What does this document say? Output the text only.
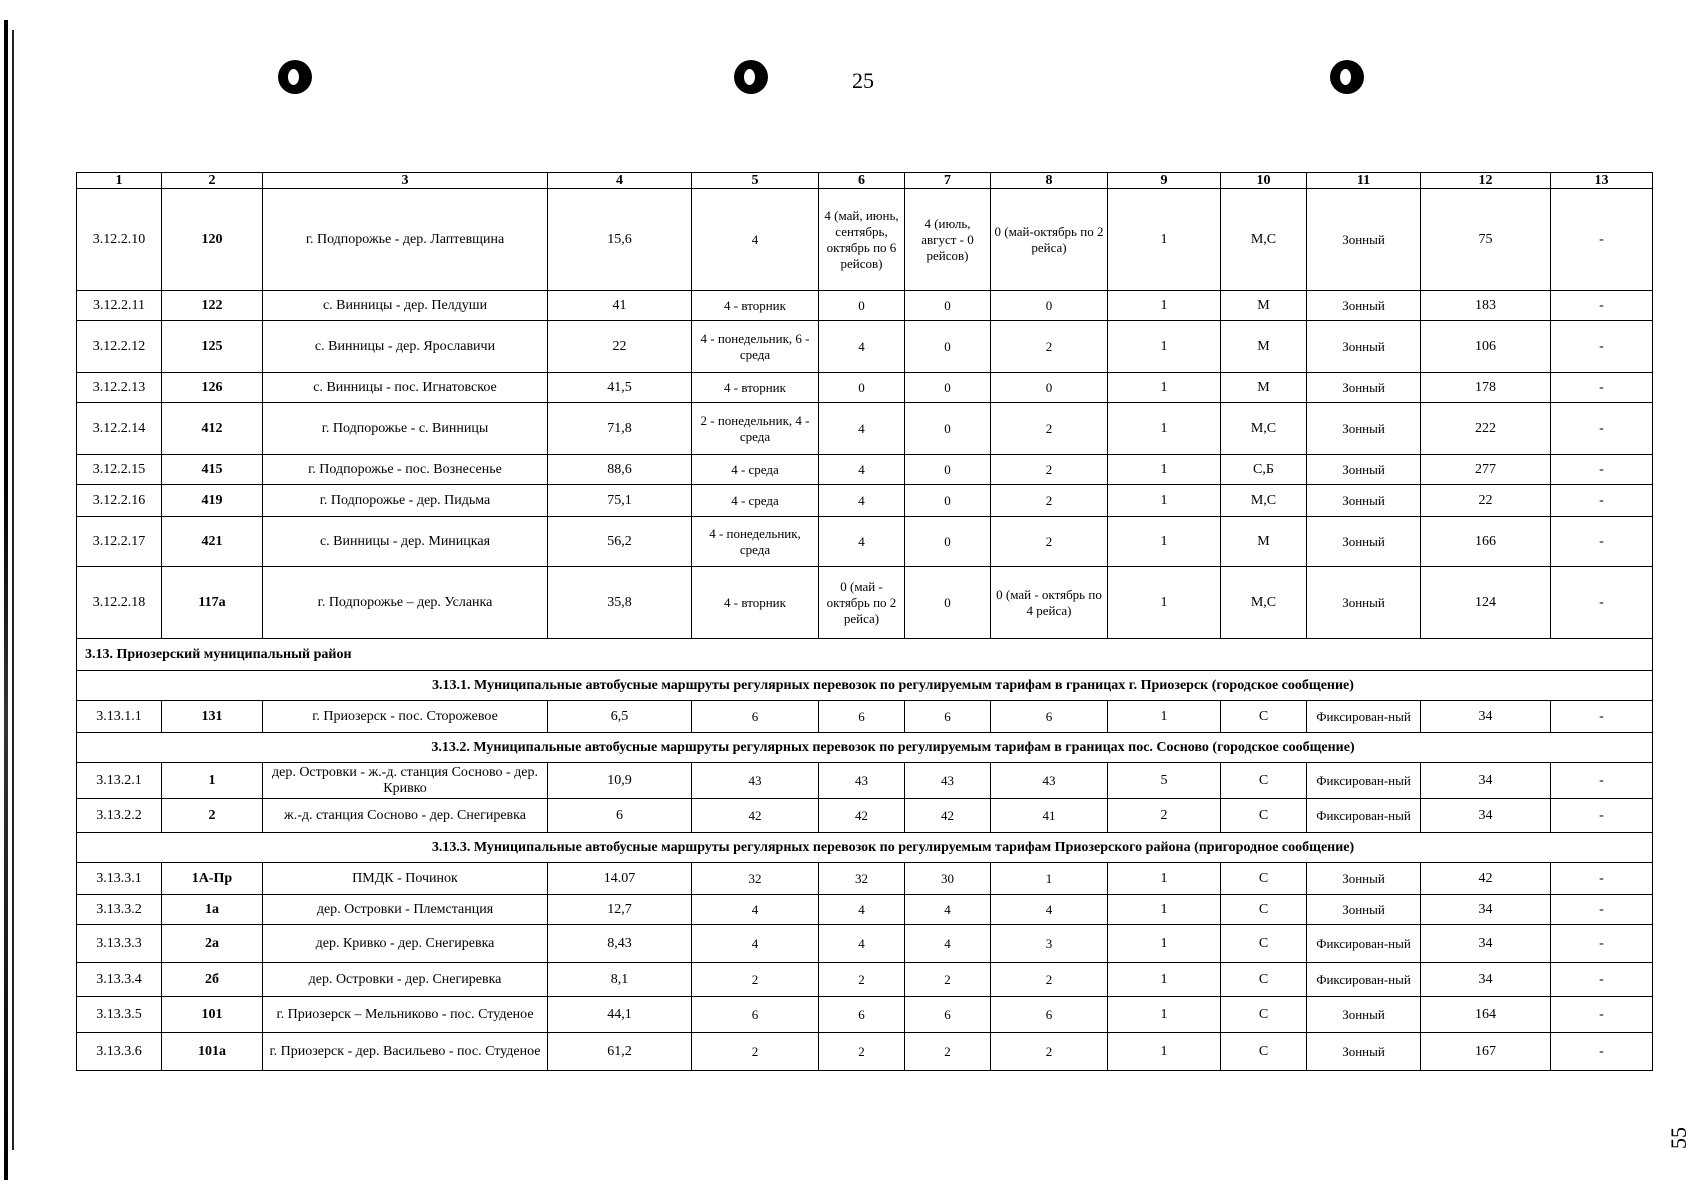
25
55
1	2	3	4	5	6	7	8	9	10	11	12	13
3.12.2.10	120	г. Подпорожье - дер. Лаптевщина	15,6	4	4 (май, июнь, сентябрь, октябрь по 6 рейсов)	4 (июль, август - 0 рейсов)	0 (май-октябрь по 2 рейса)	1	М,С	Зонный	75	-
3.12.2.11	122	с. Винницы - дер. Пелдуши	41	4 - вторник	0	0	0	1	М	Зонный	183	-
3.12.2.12	125	с. Винницы - дер. Ярославичи	22	4 - понедельник, 6 - среда	4	0	2	1	М	Зонный	106	-
3.12.2.13	126	с. Винницы - пос. Игнатовское	41,5	4 - вторник	0	0	0	1	М	Зонный	178	-
3.12.2.14	412	г. Подпорожье - с. Винницы	71,8	2 - понедельник, 4 - среда	4	0	2	1	М,С	Зонный	222	-
3.12.2.15	415	г. Подпорожье - пос. Вознесенье	88,6	4 - среда	4	0	2	1	С,Б	Зонный	277	-
3.12.2.16	419	г. Подпорожье - дер. Пидьма	75,1	4 - среда	4	0	2	1	М,С	Зонный	22	-
3.12.2.17	421	с. Винницы - дер. Миницкая	56,2	4 - понедельник, среда	4	0	2	1	М	Зонный	166	-
3.12.2.18	117а	г. Подпорожье – дер. Усланка	35,8	4 - вторник	0 (май - октябрь по 2 рейса)	0	0 (май - октябрь по 4 рейса)	1	М,С	Зонный	124	-
3.13. Приозерский муниципальный район												
3.13.1. Муниципальные автобусные маршруты регулярных перевозок по регулируемым тарифам в границах г. Приозерск (городское сообщение)												
3.13.1.1	131	г. Приозерск - пос. Сторожевое	6,5	6	6	6	6	1	С	Фиксирован-ный	34	-
3.13.2. Муниципальные автобусные маршруты регулярных перевозок по регулируемым тарифам в границах пос. Сосново (городское сообщение)												
3.13.2.1	1	дер. Островки - ж.-д. станция Сосново - дер. Кривко	10,9	43	43	43	43	5	С	Фиксирован-ный	34	-
3.13.2.2	2	ж.-д. станция Сосново - дер. Снегиревка	6	42	42	42	41	2	С	Фиксирован-ный	34	-
3.13.3. Муниципальные автобусные маршруты регулярных перевозок по регулируемым тарифам Приозерского района (пригородное сообщение)												
3.13.3.1	1А-Пр	ПМДК - Починок	14.07	32	32	30	1	1	С	Зонный	42	-
3.13.3.2	1а	дер. Островки - Племстанция	12,7	4	4	4	4	1	С	Зонный	34	-
3.13.3.3	2а	дер. Кривко - дер. Снегиревка	8,43	4	4	4	3	1	С	Фиксирован-ный	34	-
3.13.3.4	2б	дер. Островки - дер. Снегиревка	8,1	2	2	2	2	1	С	Фиксирован-ный	34	-
3.13.3.5	101	г. Приозерск – Мельниково - пос. Студеное	44,1	6	6	6	6	1	С	Зонный	164	-
3.13.3.6	101а	г. Приозерск - дер. Васильево - пос. Студеное	61,2	2	2	2	2	1	С	Зонный	167	-
